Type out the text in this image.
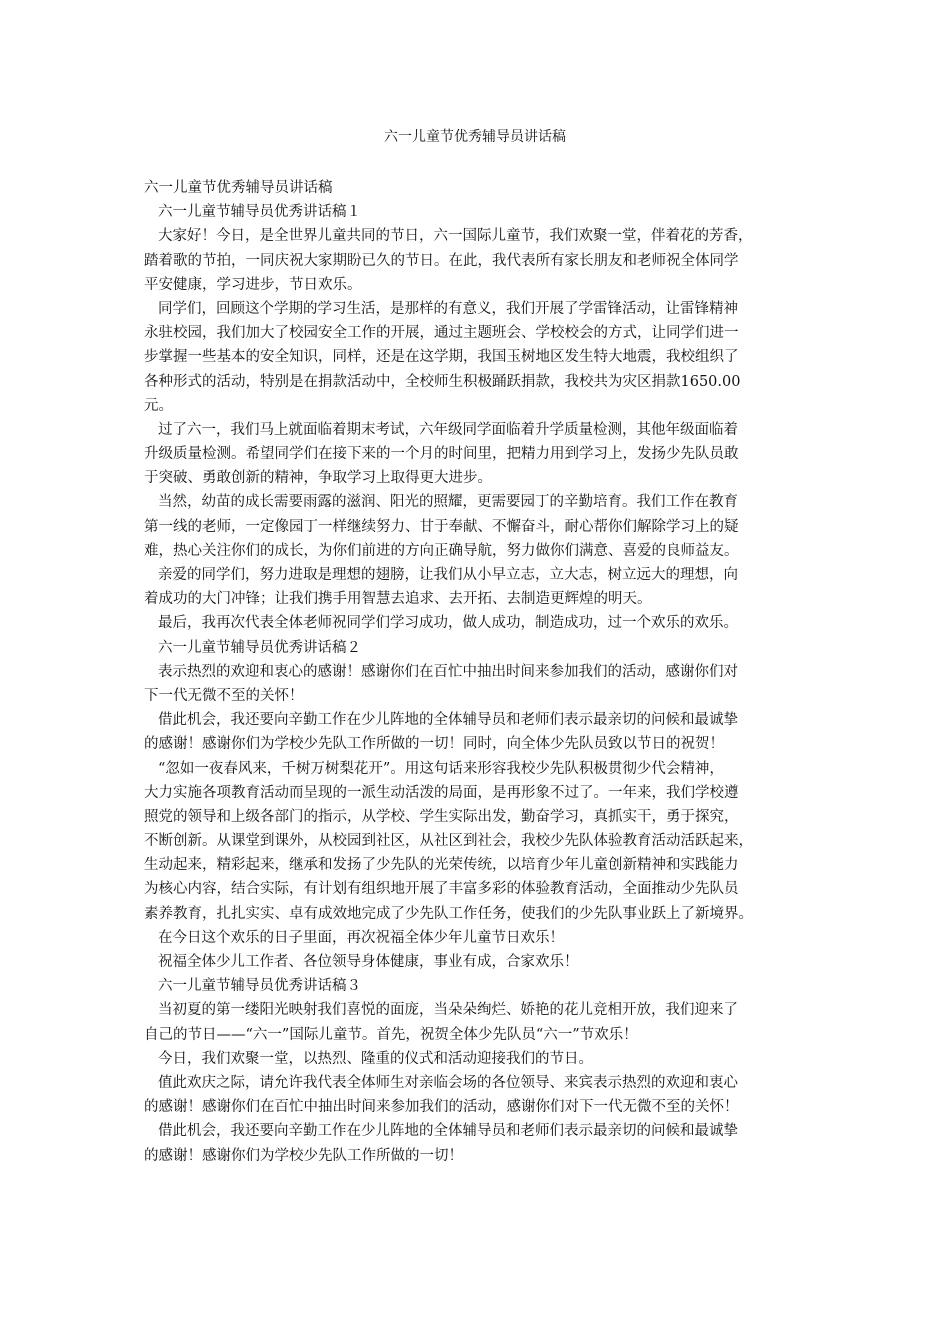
六一儿童节优秀辅导员讲话稿

六一儿童节优秀辅导员讲话稿

六一儿童节辅导员优秀讲话稿１

大家好！今日，是全世界儿童共同的节日，六一国际儿童节，我们欢聚一堂，伴着花的芳香，

踏着歌的节拍，一同庆祝大家期盼已久的节日。在此，我代表所有家长朋友和老师祝全体同学

平安健康，学习进步，节日欢乐。

同学们，回顾这个学期的学习生活，是那样的有意义，我们开展了学雷锋活动，让雷锋精神

永驻校园，我们加大了校园安全工作的开展，通过主题班会、学校校会的方式，让同学们进一

步掌握一些基本的安全知识，同样，还是在这学期，我国玉树地区发生特大地震，我校组织了

各种形式的活动，特别是在捐款活动中，全校师生积极踊跃捐款，我校共为灾区捐款1650.00

元。

过了六一，我们马上就面临着期末考试，六年级同学面临着升学质量检测，其他年级面临着

升级质量检测。希望同学们在接下来的一个月的时间里，把精力用到学习上，发扬少先队员敢

于突破、勇敢创新的精神，争取学习上取得更大进步。

当然，幼苗的成长需要雨露的滋润、阳光的照耀，更需要园丁的辛勤培育。我们工作在教育

第一线的老师，一定像园丁一样继续努力、甘于奉献、不懈奋斗，耐心帮你们解除学习上的疑

难，热心关注你们的成长，为你们前进的方向正确导航，努力做你们满意、喜爱的良师益友。

亲爱的同学们，努力进取是理想的翅膀，让我们从小早立志，立大志，树立远大的理想，向

着成功的大门冲锋；让我们携手用智慧去追求、去开拓、去制造更辉煌的明天。

最后，我再次代表全体老师祝同学们学习成功，做人成功，制造成功，过一个欢乐的欢乐。

六一儿童节辅导员优秀讲话稿２

表示热烈的欢迎和衷心的感谢！感谢你们在百忙中抽出时间来参加我们的活动，感谢你们对

下一代无微不至的关怀！

借此机会，我还要向辛勤工作在少儿阵地的全体辅导员和老师们表示最亲切的问候和最诚挚

的感谢！感谢你们为学校少先队工作所做的一切！同时，向全体少先队员致以节日的祝贺！

“忽如一夜春风来，千树万树梨花开”。用这句话来形容我校少先队积极贯彻少代会精神，

大力实施各项教育活动而呈现的一派生动活泼的局面，是再形象不过了。一年来，我们学校遵

照党的领导和上级各部门的指示，从学校、学生实际出发，勤奋学习，真抓实干，勇于探究，

不断创新。从课堂到课外，从校园到社区，从社区到社会，我校少先队体验教育活动活跃起来，

生动起来，精彩起来，继承和发扬了少先队的光荣传统，以培育少年儿童创新精神和实践能力

为核心内容，结合实际，有计划有组织地开展了丰富多彩的体验教育活动，全面推动少先队员

素养教育，扎扎实实、卓有成效地完成了少先队工作任务，使我们的少先队事业跃上了新境界。

在今日这个欢乐的日子里面，再次祝福全体少年儿童节日欢乐！

祝福全体少儿工作者、各位领导身体健康，事业有成，合家欢乐！

六一儿童节辅导员优秀讲话稿３

当初夏的第一缕阳光映射我们喜悦的面庞，当朵朵绚烂、娇艳的花儿竞相开放，我们迎来了

自己的节日——“六一”国际儿童节。首先，祝贺全体少先队员“六一”节欢乐！

今日，我们欢聚一堂，以热烈、隆重的仪式和活动迎接我们的节日。

值此欢庆之际，请允许我代表全体师生对亲临会场的各位领导、来宾表示热烈的欢迎和衷心

的感谢！感谢你们在百忙中抽出时间来参加我们的活动，感谢你们对下一代无微不至的关怀！

借此机会，我还要向辛勤工作在少儿阵地的全体辅导员和老师们表示最亲切的问候和最诚挚

的感谢！感谢你们为学校少先队工作所做的一切！
